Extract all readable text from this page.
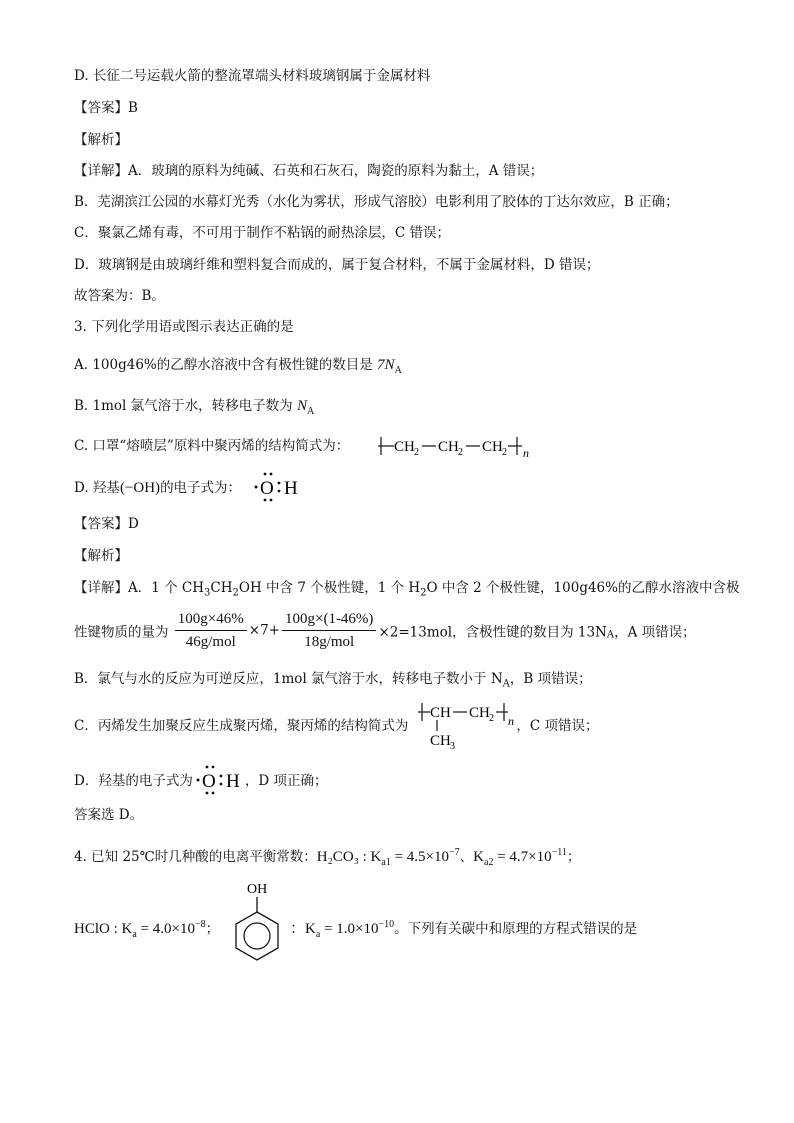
D. 长征二号运载火箭的整流罩端头材料玻璃钢属于金属材料
【答案】B
【解析】
【详解】A．玻璃的原料为纯碱、石英和石灰石，陶瓷的原料为黏土，A 错误；
B．芜湖滨江公园的水幕灯光秀（水化为雾状，形成气溶胶）电影利用了胶体的丁达尔效应，B 正确；
C．聚氯乙烯有毒，不可用于制作不粘锅的耐热涂层，C 错误；
D．玻璃钢是由玻璃纤维和塑料复合而成的，属于复合材料，不属于金属材料，D 错误；
故答案为：B。
3. 下列化学用语或图示表达正确的是
A. 100g46%的乙醇水溶液中含有极性键的数目是 $7N_A$
B. 1mol 氯气溶于水，转移电子数为 $N_A$
C. 口罩“熔喷层”原料中聚丙烯的结构简式为：	CH 2 CH 2 CH 2 n
D. 羟基(−OH)的电子式为： O H
【答案】D
【解析】
【详解】A．1 个 $CH_3CH_2OH$ 中含 7 个极性键，1 个 $H_2O$ 中含 2 个极性键，100g46%的乙醇水溶液中含极
性键物质的量为 $\frac{100g\times 46\%}{\text{46g/mol}} \times 7+ \frac{100g\times(1-46\%)}{\text{18g/mol}} \times 2=13mol$，含极性键的数目为 $13N_A$，A 项错误；
B．氯气与水的反应为可逆反应，1mol 氯气溶于水，转移电子数小于 $N_A$，B 项错误；
C．丙烯发生加聚反应生成聚丙烯，聚丙烯的结构简式为	，C 项错误；
CH CH 2 n
CH 3
D．羟基的电子式为	，D 项正确；
O H
答案选 D。
4. 已知 25℃时几种酸的电离平衡常数：H₂CO₃ : $K_{a1} = 4.5\times 10^{-7}$、$K_{a2} = 4.7\times 10^{-11}$；
HClO : $K_a = 4.0\times 10^{-8}$；
OH
：$K_a = 1.0\times 10^{-10}$。下列有关碳中和原理的方程式错误的是
